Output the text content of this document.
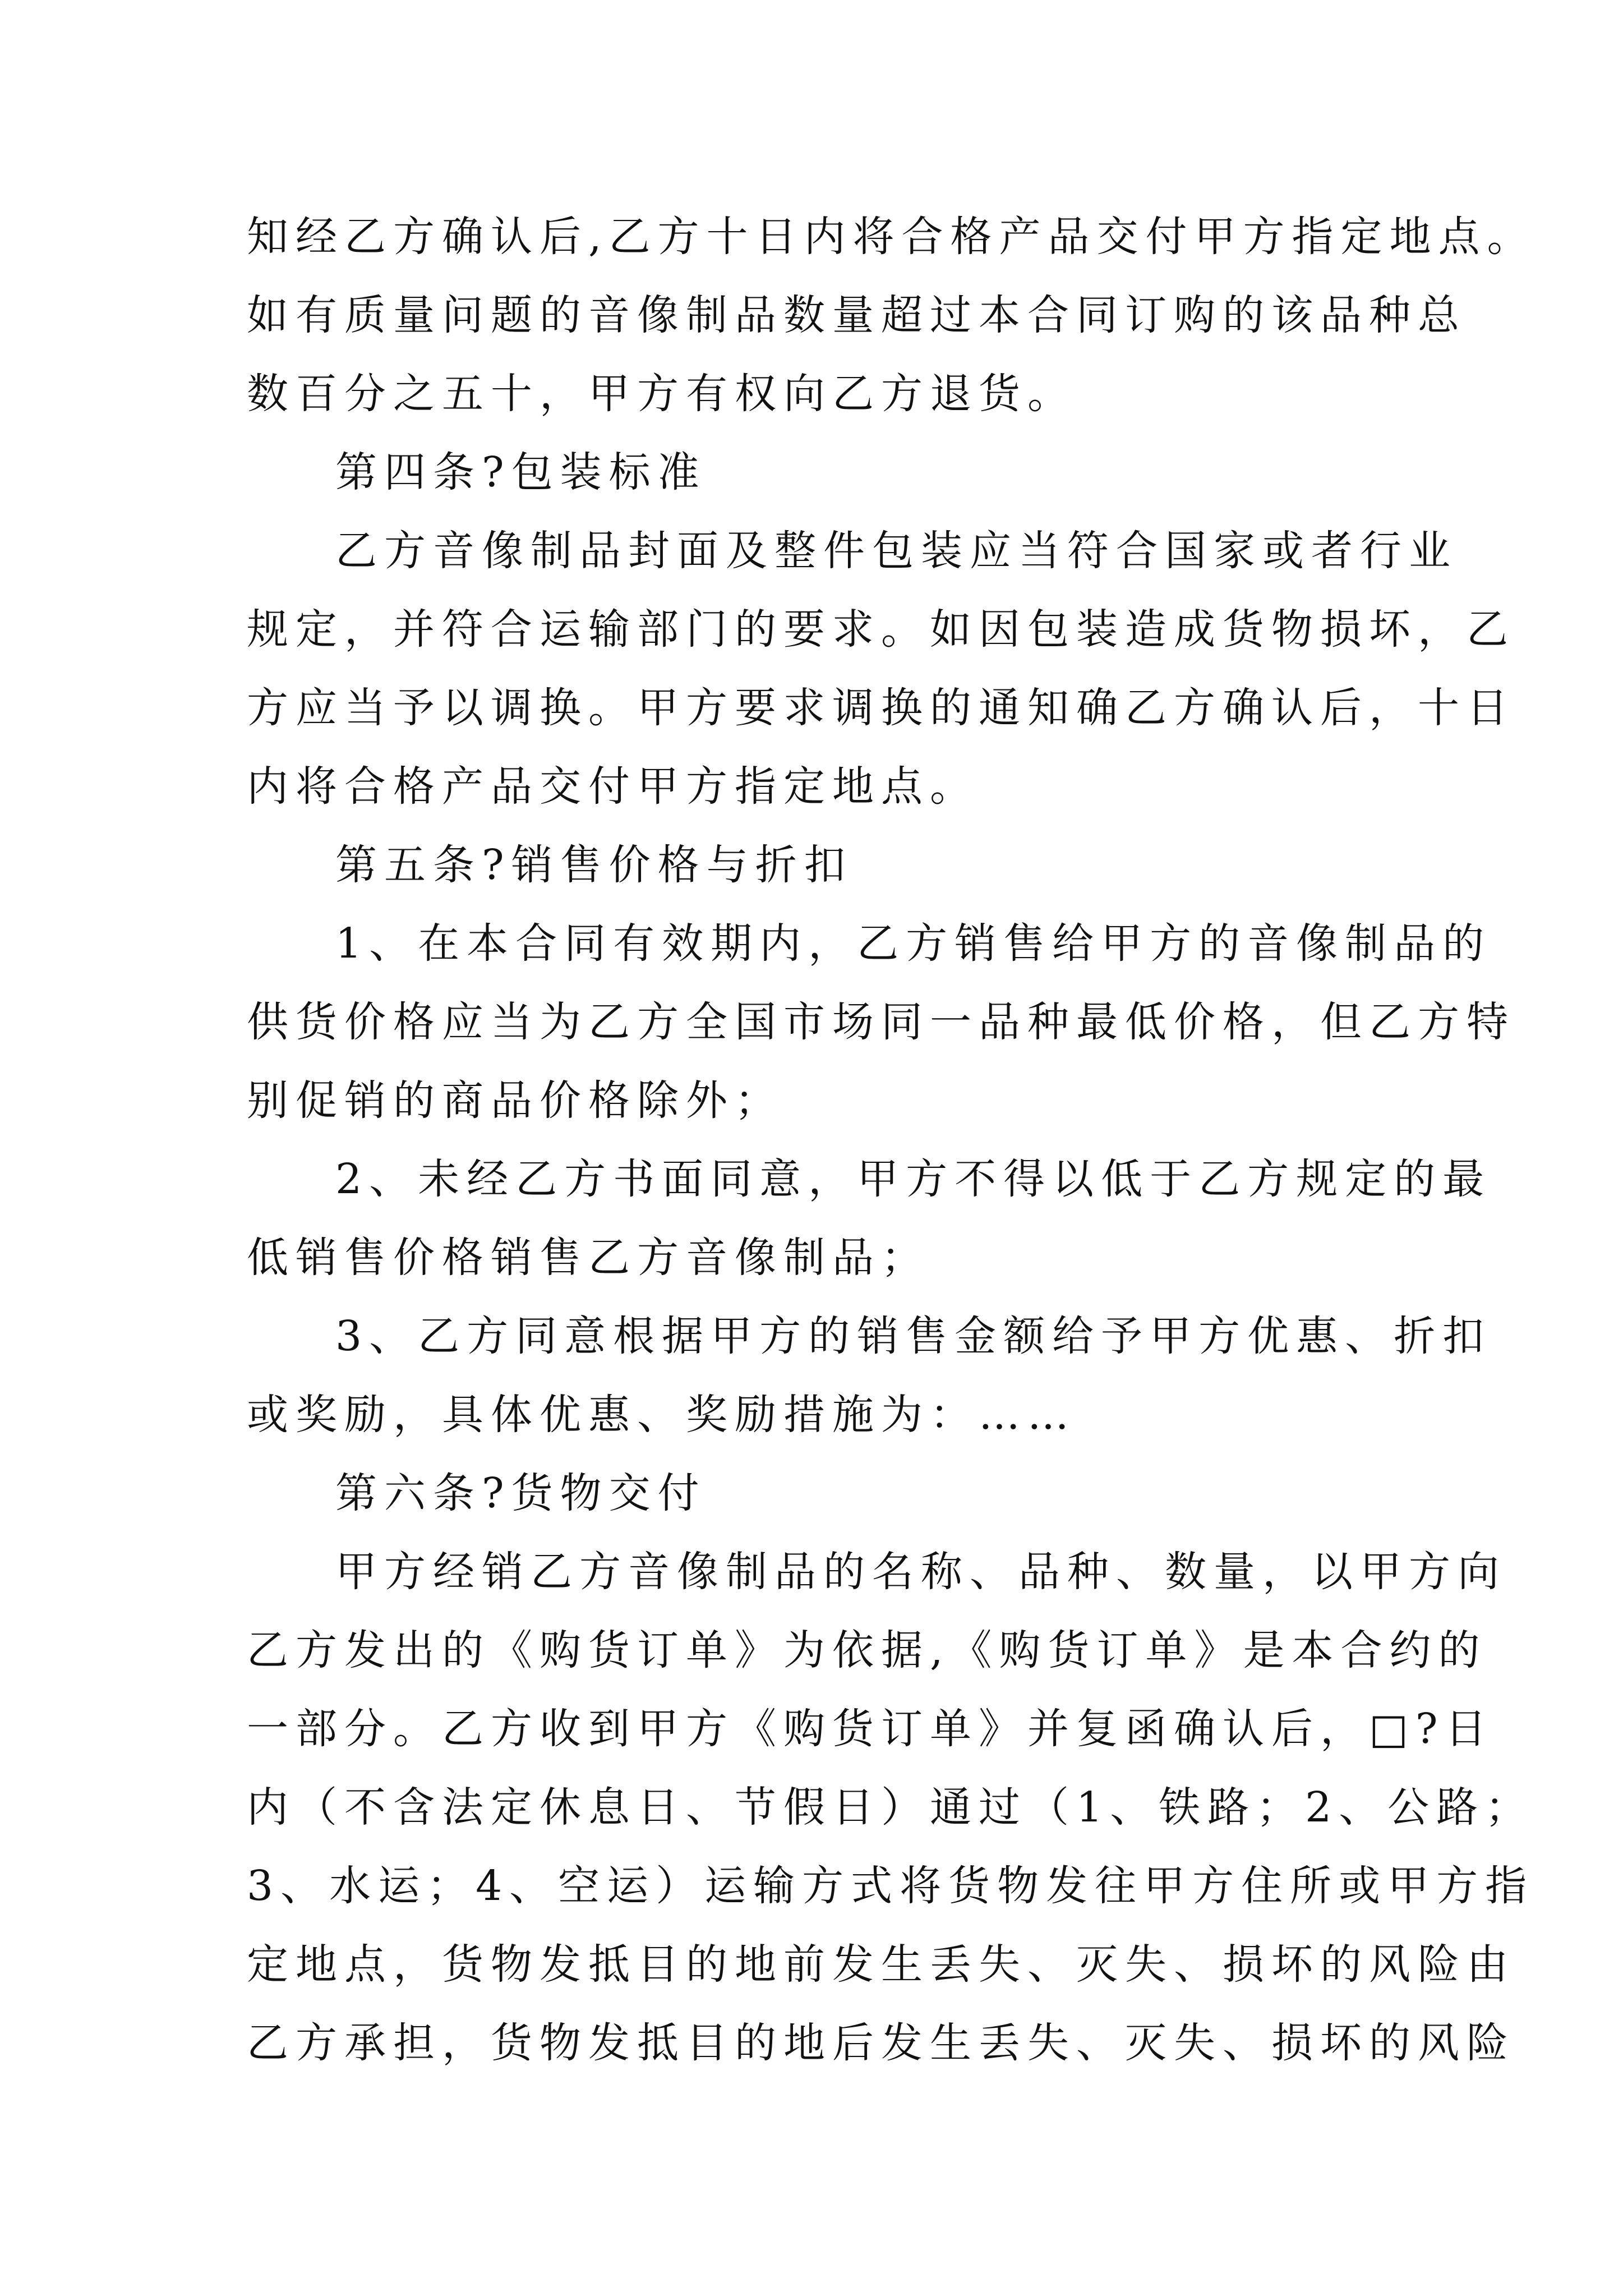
知经乙方确认后,乙方十日内将合格产品交付甲方指定地点。

如有质量问题的音像制品数量超过本合同订购的该品种总

数百分之五十，甲方有权向乙方退货。

第四条?包装标准

乙方音像制品封面及整件包装应当符合国家或者行业

规定，并符合运输部门的要求。如因包装造成货物损坏，乙

方应当予以调换。甲方要求调换的通知确乙方确认后，十日

内将合格产品交付甲方指定地点。

第五条?销售价格与折扣

1、在本合同有效期内，乙方销售给甲方的音像制品的

供货价格应当为乙方全国市场同一品种最低价格，但乙方特

别促销的商品价格除外；

2、未经乙方书面同意，甲方不得以低于乙方规定的最

低销售价格销售乙方音像制品；

3、乙方同意根据甲方的销售金额给予甲方优惠、折扣

或奖励，具体优惠、奖励措施为：……

第六条?货物交付

甲方经销乙方音像制品的名称、品种、数量，以甲方向

乙方发出的《购货订单》为依据,《购货订单》是本合约的

一部分。乙方收到甲方《购货订单》并复函确认后，□?日

内（不含法定休息日、节假日）通过（1、铁路；2、公路；

3、水运；4、空运）运输方式将货物发往甲方住所或甲方指

定地点，货物发抵目的地前发生丢失、灭失、损坏的风险由

乙方承担，货物发抵目的地后发生丢失、灭失、损坏的风险
